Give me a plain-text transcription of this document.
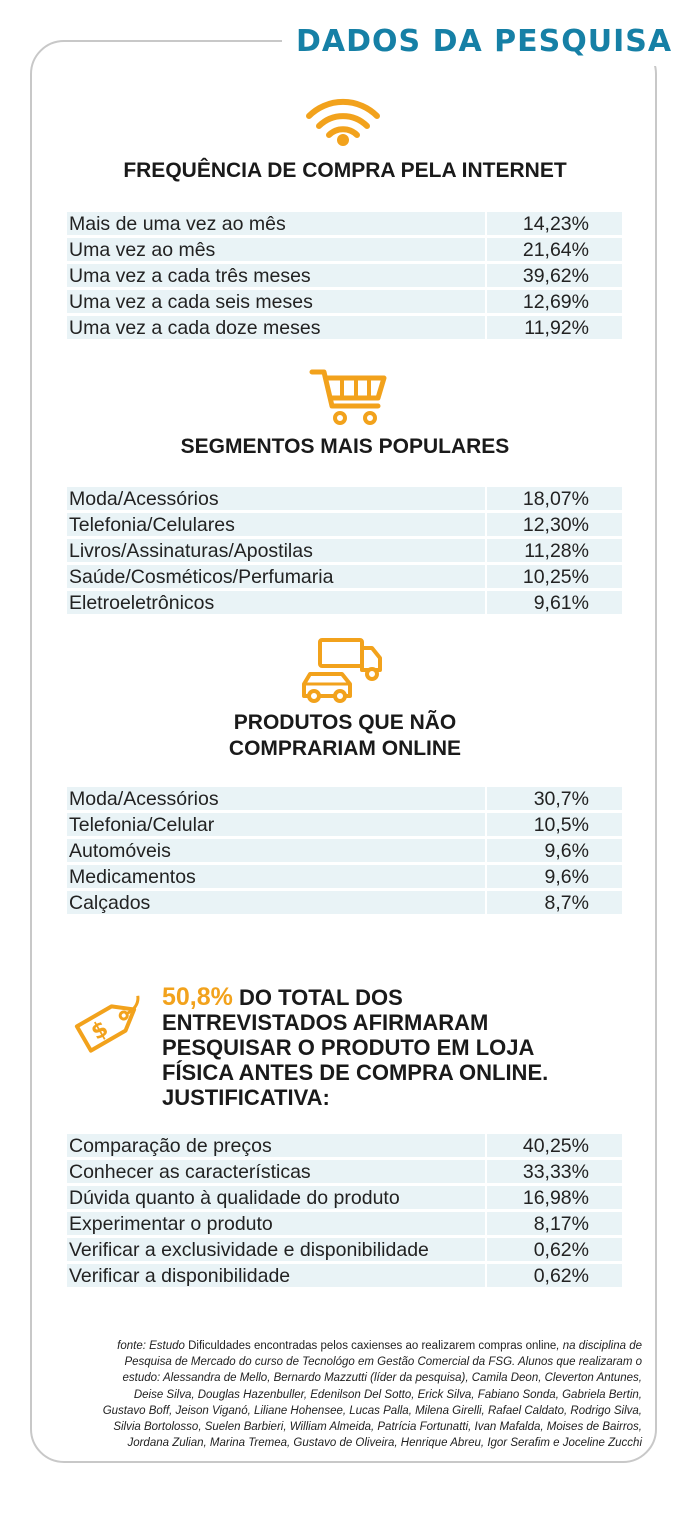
DADOS DA PESQUISA
FREQUÊNCIA DE COMPRA PELA INTERNET
Mais de uma vez ao mês	14,23%
Uma vez ao mês	21,64%
Uma vez a cada três meses	39,62%
Uma vez a cada seis meses	12,69%
Uma vez a cada doze meses	11,92%
SEGMENTOS MAIS POPULARES
Moda/Acessórios	18,07%
Telefonia/Celulares	12,30%
Livros/Assinaturas/Apostilas	11,28%
Saúde/Cosméticos/Perfumaria	10,25%
Eletroeletrônicos	9,61%
PRODUTOS QUE NÃO
COMPRARIAM ONLINE
Moda/Acessórios	30,7%
Telefonia/Celular	10,5%
Automóveis	9,6%
Medicamentos	9,6%
Calçados	8,7%
$
50,8% DO TOTAL DOS
ENTREVISTADOS AFIRMARAM
PESQUISAR O PRODUTO EM LOJA
FÍSICA ANTES DE COMPRA ONLINE.
JUSTIFICATIVA:
Comparação de preços	40,25%
Conhecer as características	33,33%
Dúvida quanto à qualidade do produto	16,98%
Experimentar o produto	8,17%
Verificar a exclusividade e disponibilidade	0,62%
Verificar a disponibilidade	0,62%
fonte: Estudo Dificuldades encontradas pelos caxienses ao realizarem compras online, na disciplina de
Pesquisa de Mercado do curso de Tecnológo em Gestão Comercial da FSG. Alunos que realizaram o
estudo: Alessandra de Mello, Bernardo Mazzutti (líder da pesquisa), Camila Deon, Cleverton Antunes,
Deise Silva, Douglas Hazenbuller, Edenilson Del Sotto, Erick Silva, Fabiano Sonda, Gabriela Bertin,
Gustavo Boff, Jeison Viganó, Liliane Hohensee, Lucas Palla, Milena Girelli, Rafael Caldato, Rodrigo Silva,
Silvia Bortolosso, Suelen Barbieri, William Almeida, Patrícia Fortunatti, Ivan Mafalda, Moises de Bairros,
Jordana Zulian, Marina Tremea, Gustavo de Oliveira, Henrique Abreu, Igor Serafim e Joceline Zucchi
